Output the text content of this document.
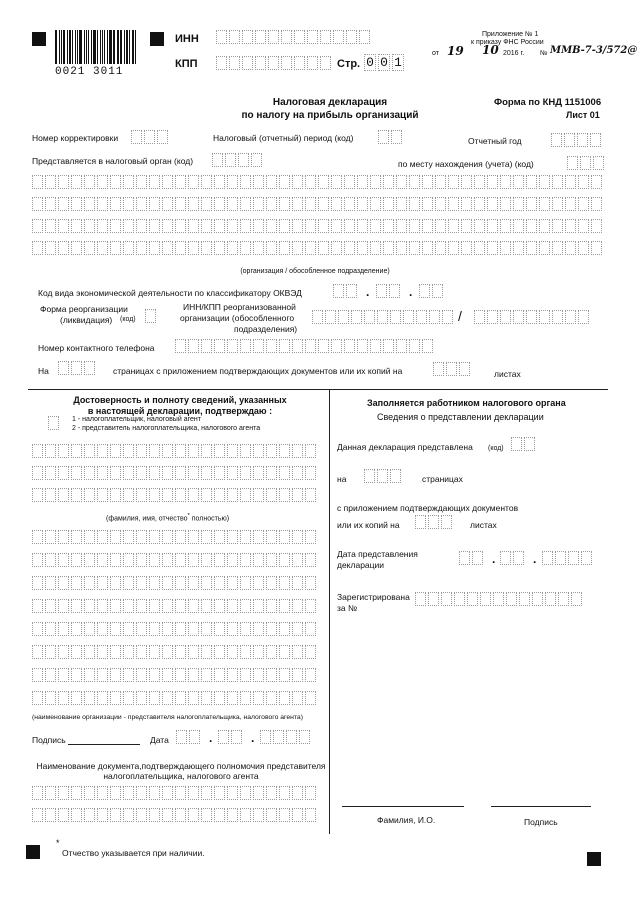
0021 3011
ИНН
КПП	Стр. 0 0 1
Приложение № 1
к приказу ФНС России
от 19 10 2016 г. № ММВ-7-3/572@
Налоговая декларация
по налогу на прибыль организаций
Форма по КНД 1151006
Лист 01
Номер корректировки	Налоговый (отчетный) период (код)	Отчетный год
Представляется в налоговый орган (код)	по месту нахождения (учета) (код)
(организация / обособленное подразделение)
Код вида экономической деятельности по классификатору ОКВЭД	.	.
Форма реорганизации
(ликвидация) (код)
ИНН/КПП реорганизованной
организации (обособленного
подразделения)
/
Номер контактного телефона
На	страницах с приложением подтверждающих документов или их копий на	листах
Достоверность и полноту сведений, указанных
в настоящей декларации, подтверждаю :
1 - налогоплательщик, налоговый агент
2 - представитель налогоплательщика, налогового агента
(фамилия, имя, отчество* полностью)
(наименование организации - представителя налогоплательщика, налогового агента)
Подпись	Дата	.	.
Наименование документа,подтверждающего полномочия представителя
налогоплательщика, налогового агента
Заполняется работником налогового органа
Сведения о представлении декларации
Данная декларация представлена (код)
на	страницах
с приложением подтверждающих документов
или их копий на	листах
Дата представления
декларации	.	.
Зарегистрирована
за №
Фамилия, И.О.	Подпись
*
Отчество указывается при наличии.
